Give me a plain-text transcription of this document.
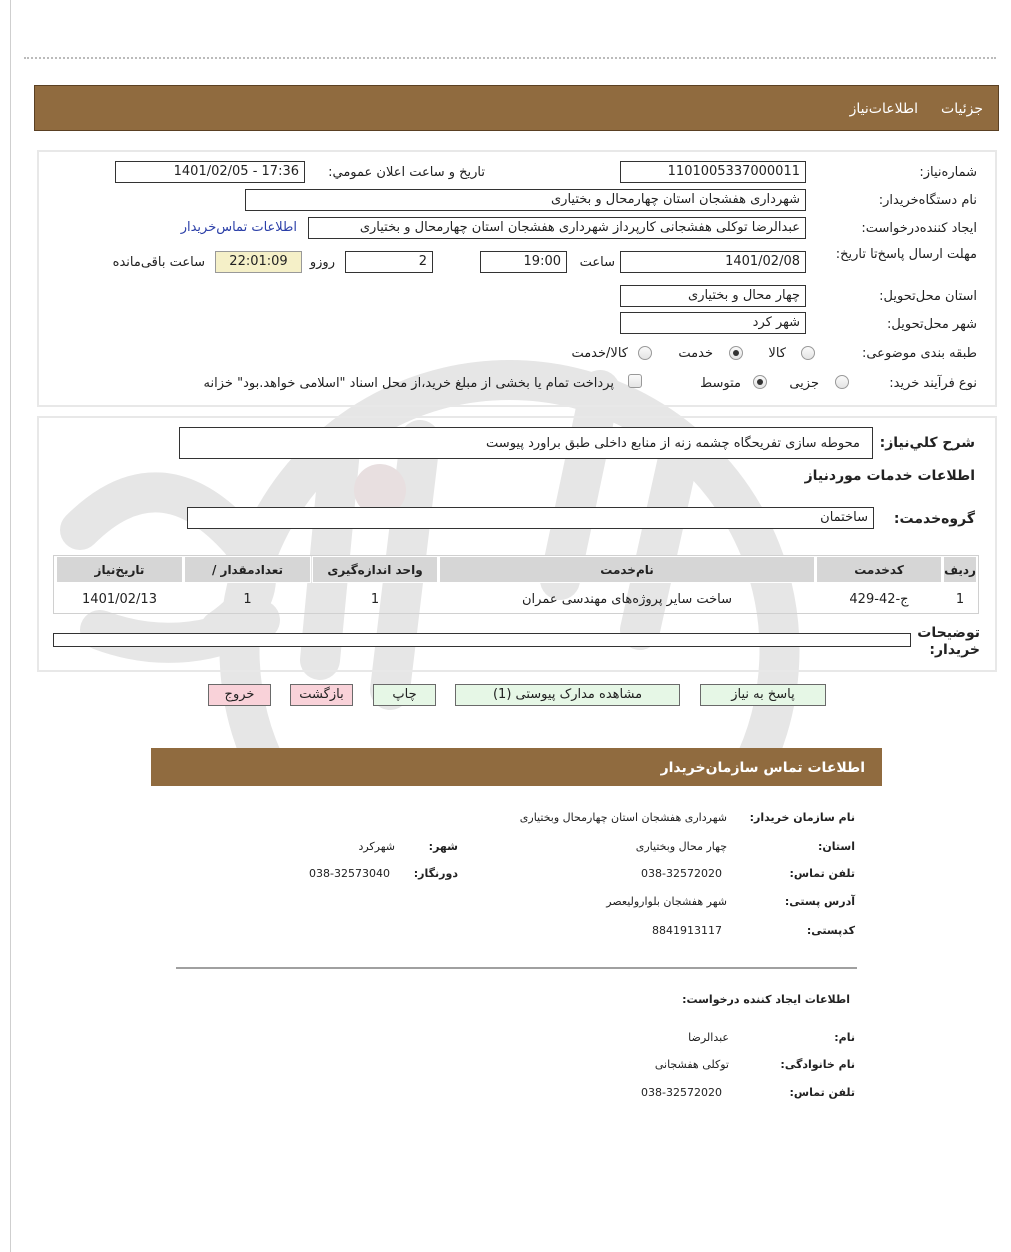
جزئیات
اطلاعات‌نیاز
شماره‌نیاز:
1101005337000011
تاریخ و ساعت اعلان عمومي:
1401/02/05 - 17:36
نام دستگاه‌خریدار:
شهرداری هفشجان استان چهارمحال و بختیاری
ایجاد کننده‌درخواست:
عبدالرضا توکلی هفشجانی کارپرداز شهرداری هفشجان استان چهارمحال و بختیاری
اطلاعات تماس‌خریدار
مهلت ارسال پاسخ‌تا تاریخ:
1401/02/08
ساعت
19:00
2
روزو
22:01:09
ساعت باقی‌مانده
استان محل‌تحویل:
چهار محال و بختیاری
شهر محل‌تحویل:
شهر کرد
طبقه بندی موضوعی:
کالا
خدمت
کالا/خدمت
نوع فرآیند خرید:
جزیی
متوسط
پرداخت تمام یا بخشی از مبلغ خرید،از محل اسناد "اسلامی خواهد.بود" خزانه
شرح کلي‌نیاز:
محوطه سازی تفریحگاه چشمه زنه از منابع داخلی طبق براورد پیوست
اطلاعات خدمات موردنیاز
گروه‌خدمت:
ساختمان
ردیف
کدخدمت
نام‌خدمت
واحد اندازه‌گیری
تعداد‌مقدار /
تاریخ‌نیاز
1
ج-42-429
ساخت سایر پروژه‌های مهندسی عمران
1
1
1401/02/13
توضیحات خریدار:
پاسخ به نیاز
مشاهده مدارک پیوستی (1)
چاپ
بازگشت
خروج
اطلاعات تماس سازمان‌خریدار
نام سازمان خریدار:
شهرداری هفشجان استان چهارمحال وبختیاری
استان:
چهار محال وبختیاری
شهر:
شهرکرد
تلفن تماس:
038-32572020
دورنگار:
038-32573040
آدرس پستی:
شهر هفشجان بلوارولیعصر
کدپستی:
8841913117
اطلاعات ایجاد کننده درخواست:
نام:
عبدالرضا
نام خانوادگی:
توکلی هفشجانی
تلفن تماس:
038-32572020
